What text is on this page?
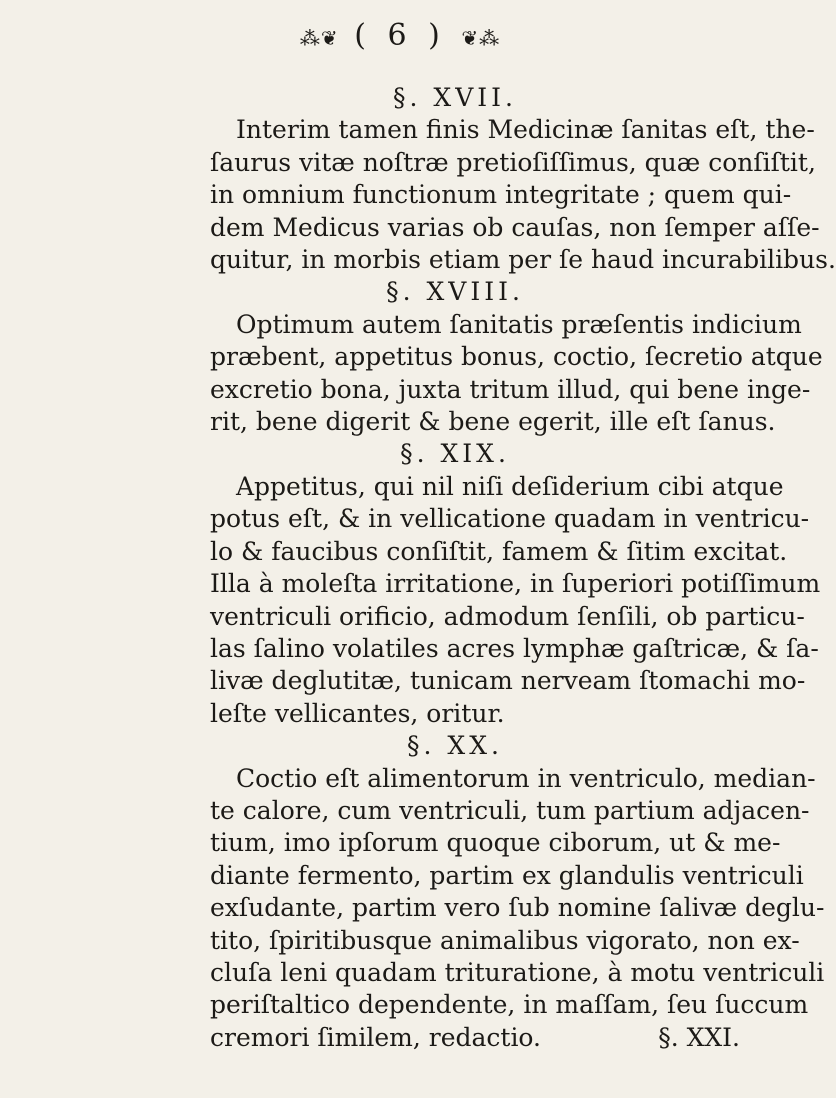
⁂❦ ( 6 ) ❦⁂
§. XVII.
Interim tamen finis Medicinæ ſanitas eſt, the-
ſaurus vitæ noſtræ pretioſiſſimus, quæ conſiſtit,
in omnium functionum integritate ; quem qui-
dem Medicus varias ob cauſas, non ſemper aſſe-
quitur, in morbis etiam per ſe haud incurabilibus.
§. XVIII.
Optimum autem ſanitatis præſentis indicium
præbent, appetitus bonus, coctio, ſecretio atque
excretio bona, juxta tritum illud, qui bene inge-
rit, bene digerit & bene egerit, ille eſt ſanus.
§. XIX.
Appetitus, qui nil niſi deſiderium cibi atque
potus eſt, & in vellicatione quadam in ventricu-
lo & faucibus conſiſtit, famem & ſitim excitat.
Illa à moleſta irritatione, in ſuperiori potiſſimum
ventriculi orificio, admodum ſenſili, ob particu-
las ſalino volatiles acres lymphæ gaſtricæ, & ſa-
livæ deglutitæ, tunicam nerveam ſtomachi mo-
leſte vellicantes, oritur.
§. XX.
Coctio eſt alimentorum in ventriculo, median-
te calore, cum ventriculi, tum partium adjacen-
tium, imo ipſorum quoque ciborum, ut & me-
diante fermento, partim ex glandulis ventriculi
exſudante, partim vero ſub nomine ſalivæ deglu-
tito, ſpiritibusque animalibus vigorato, non ex-
cluſa leni quadam trituratione, à motu ventriculi
periſtaltico dependente, in maſſam, ſeu ſuccum
cremori ſimilem, redactio.	§. XXI.
